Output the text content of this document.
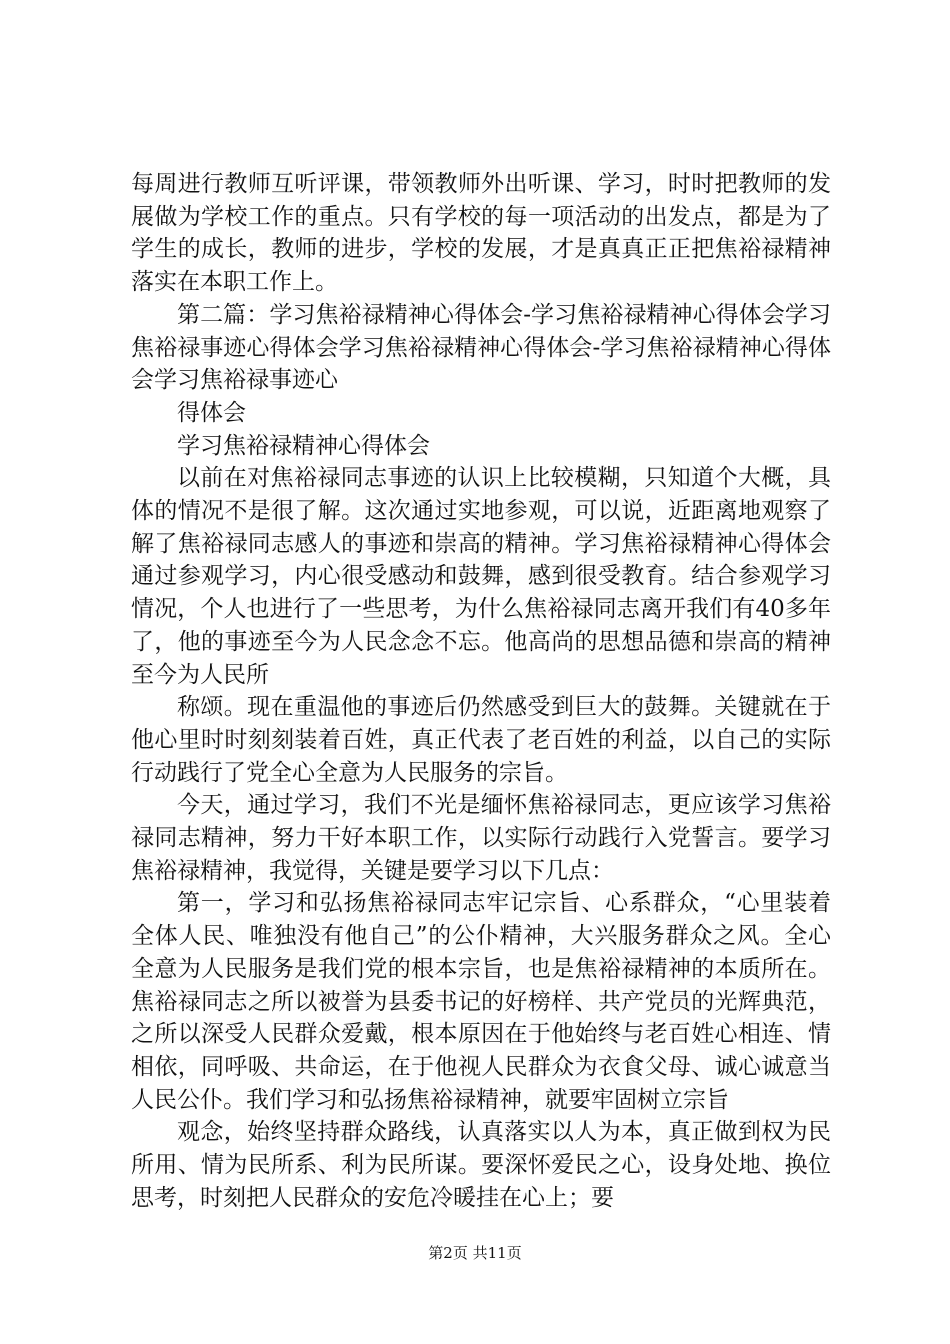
每周进行教师互听评课，带领教师外出听课、学习，时时把教师的发展做为学校工作的重点。只有学校的每一项活动的出发点，都是为了学生的成长，教师的进步，学校的发展，才是真真正正把焦裕禄精神落实在本职工作上。

第二篇：学习焦裕禄精神心得体会-学习焦裕禄精神心得体会学习焦裕禄事迹心得体会学习焦裕禄精神心得体会-学习焦裕禄精神心得体会学习焦裕禄事迹心

得体会

学习焦裕禄精神心得体会

以前在对焦裕禄同志事迹的认识上比较模糊，只知道个大概，具体的情况不是很了解。这次通过实地参观，可以说，近距离地观察了解了焦裕禄同志感人的事迹和崇高的精神。学习焦裕禄精神心得体会通过参观学习，内心很受感动和鼓舞，感到很受教育。结合参观学习情况，个人也进行了一些思考，为什么焦裕禄同志离开我们有40多年了，他的事迹至今为人民念念不忘。他高尚的思想品德和崇高的精神至今为人民所

称颂。现在重温他的事迹后仍然感受到巨大的鼓舞。关键就在于他心里时时刻刻装着百姓，真正代表了老百姓的利益，以自己的实际行动践行了党全心全意为人民服务的宗旨。

今天，通过学习，我们不光是缅怀焦裕禄同志，更应该学习焦裕禄同志精神，努力干好本职工作，以实际行动践行入党誓言。要学习焦裕禄精神，我觉得，关键是要学习以下几点：

第一，学习和弘扬焦裕禄同志牢记宗旨、心系群众，“心里装着全体人民、唯独没有他自己”的公仆精神，大兴服务群众之风。全心全意为人民服务是我们党的根本宗旨，也是焦裕禄精神的本质所在。焦裕禄同志之所以被誉为县委书记的好榜样、共产党员的光辉典范，之所以深受人民群众爱戴，根本原因在于他始终与老百姓心相连、情相依，同呼吸、共命运，在于他视人民群众为衣食父母、诚心诚意当人民公仆。我们学习和弘扬焦裕禄精神，就要牢固树立宗旨

观念，始终坚持群众路线，认真落实以人为本，真正做到权为民所用、情为民所系、利为民所谋。要深怀爱民之心，设身处地、换位思考，时刻把人民群众的安危冷暖挂在心上；要

第2页 共11页
